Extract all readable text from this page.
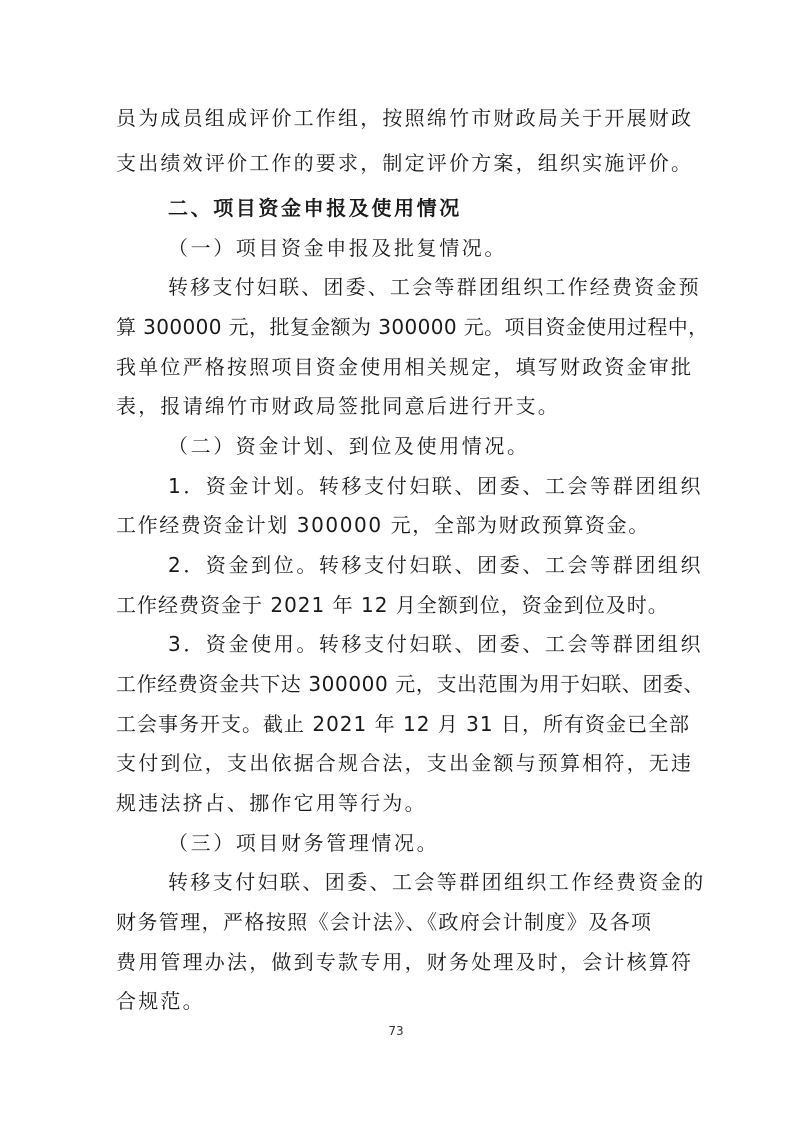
员为成员组成评价工作组，按照绵竹市财政局关于开展财政
支出绩效评价工作的要求，制定评价方案，组织实施评价。
二、项目资金申报及使用情况
（一）项目资金申报及批复情况。
转移支付妇联、团委、工会等群团组织工作经费资金预
算 300000 元，批复金额为 300000 元。项目资金使用过程中，
我单位严格按照项目资金使用相关规定，填写财政资金审批
表，报请绵竹市财政局签批同意后进行开支。
（二）资金计划、到位及使用情况。
1．资金计划。转移支付妇联、团委、工会等群团组织
工作经费资金计划 300000 元，全部为财政预算资金。
2．资金到位。转移支付妇联、团委、工会等群团组织
工作经费资金于 2021 年 12 月全额到位，资金到位及时。
3．资金使用。转移支付妇联、团委、工会等群团组织
工作经费资金共下达 300000 元，支出范围为用于妇联、团委、
工会事务开支。截止 2021 年 12 月 31 日，所有资金已全部
支付到位，支出依据合规合法，支出金额与预算相符，无违
规违法挤占、挪作它用等行为。
（三）项目财务管理情况。
转移支付妇联、团委、工会等群团组织工作经费资金的
财务管理，严格按照《会计法》、《政府会计制度》及各项
费用管理办法，做到专款专用，财务处理及时，会计核算符
合规范。
73
